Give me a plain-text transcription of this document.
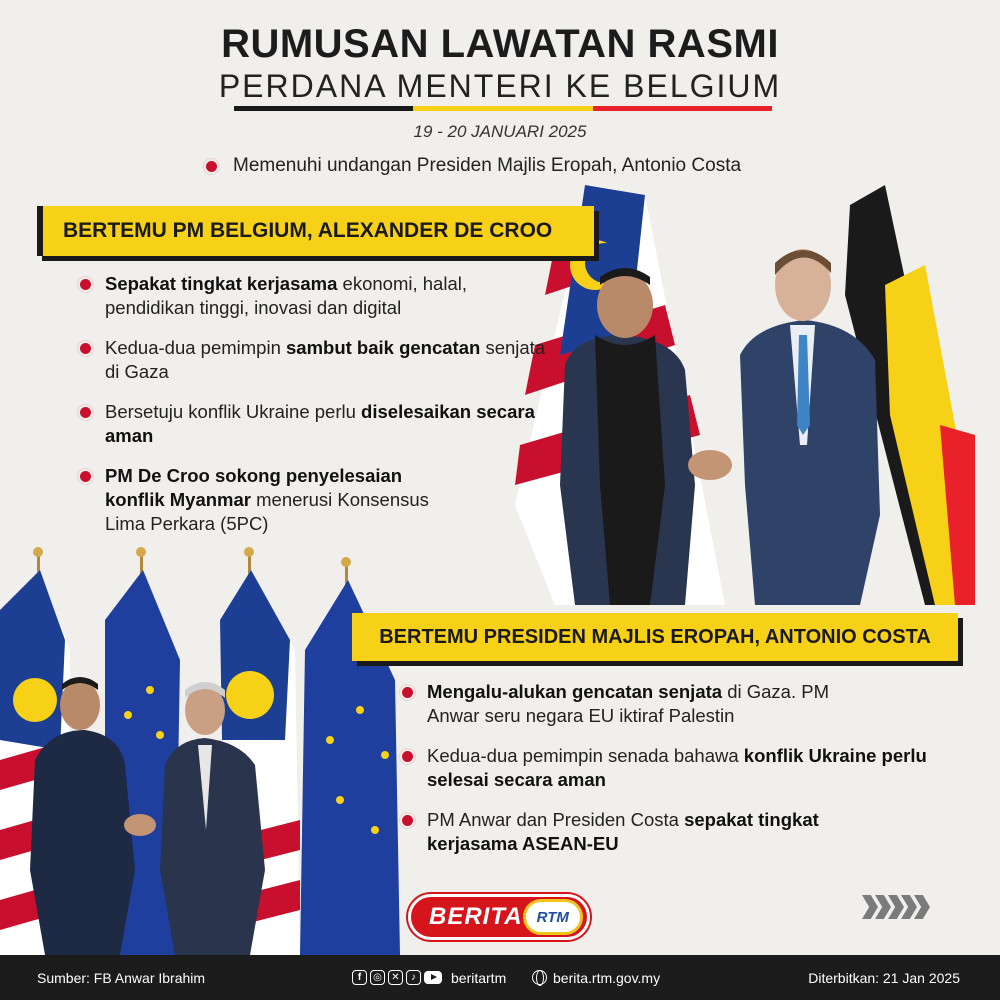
RUMUSAN LAWATAN RASMI
PERDANA MENTERI KE BELGIUM
19 - 20 JANUARI 2025
Memenuhi undangan Presiden Majlis Eropah, Antonio Costa
BERTEMU PM BELGIUM, ALEXANDER DE CROO
Sepakat tingkat kerjasama ekonomi, halal, pendidikan tinggi, inovasi dan digital
Kedua-dua pemimpin sambut baik gencatan senjata di Gaza
Bersetuju konflik Ukraine perlu diselesaikan secara aman
PM De Croo sokong penyelesaian konflik Myanmar menerusi Konsensus Lima Perkara (5PC)
BERTEMU PRESIDEN MAJLIS EROPAH, ANTONIO COSTA
Mengalu-alukan gencatan senjata di Gaza. PM Anwar seru negara EU iktiraf Palestin
Kedua-dua pemimpin senada bahawa konflik Ukraine perlu selesai secara aman
PM Anwar dan Presiden Costa sepakat tingkat kerjasama ASEAN-EU
BERITA RTM
Sumber: FB Anwar Ibrahim	f	◎ ✕	♪	beritartm	berita.rtm.gov.my	Diterbitkan: 21 Jan 2025
